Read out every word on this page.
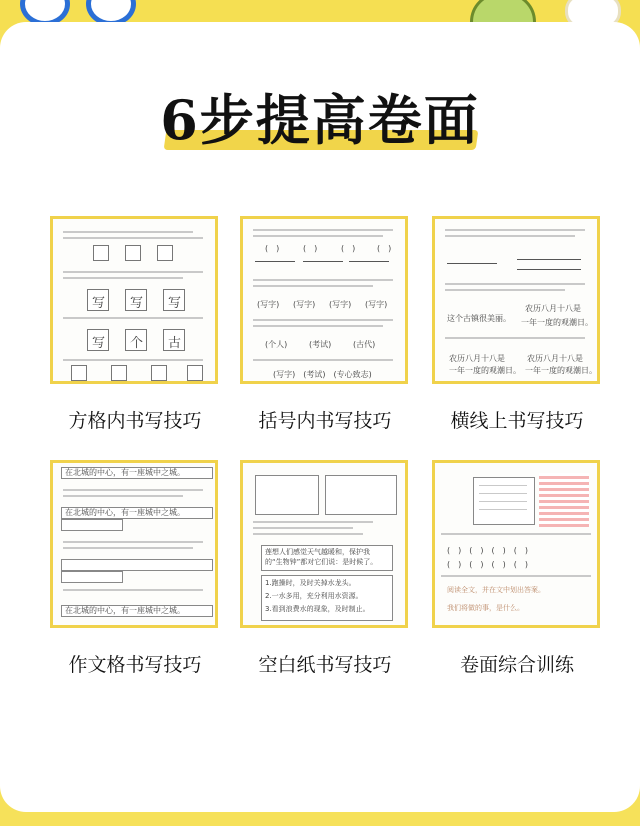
6步提高卷面
写 写 写
写 个 古
方格内书写技巧
(　)	(　)	(　)	(　)
(写字) (写字) (写字) (写字)
(个人)	(考试)	(古代)
(写字)　(考试)　(专心致志)
括号内书写技巧
这个古镇很美丽。
农历八月十八是
一年一度的观潮日。
农历八月十八是
一年一度的观潮日。
农历八月十八是
一年一度的观潮日。
横线上书写技巧
在北城的中心，有一座城中之城。
在北城的中心，有一座城中之城。
在北城的中心，有一座城中之城。
作文格书写技巧
莲想人们感觉天气越暖和，保护我
的“生物钟”都对它们说：是时候了。
1.跑操时，及时关掉水龙头。
2.一水多用，充分利用水资源。
3.看到浪费水的现象，及时制止。
空白纸书写技巧
(　)　(　)　(　)　(　)
(　)　(　)　(　)　(　)
阅读全文，并在文中划出答案。
我们将做的事，是什么。
卷面综合训练
